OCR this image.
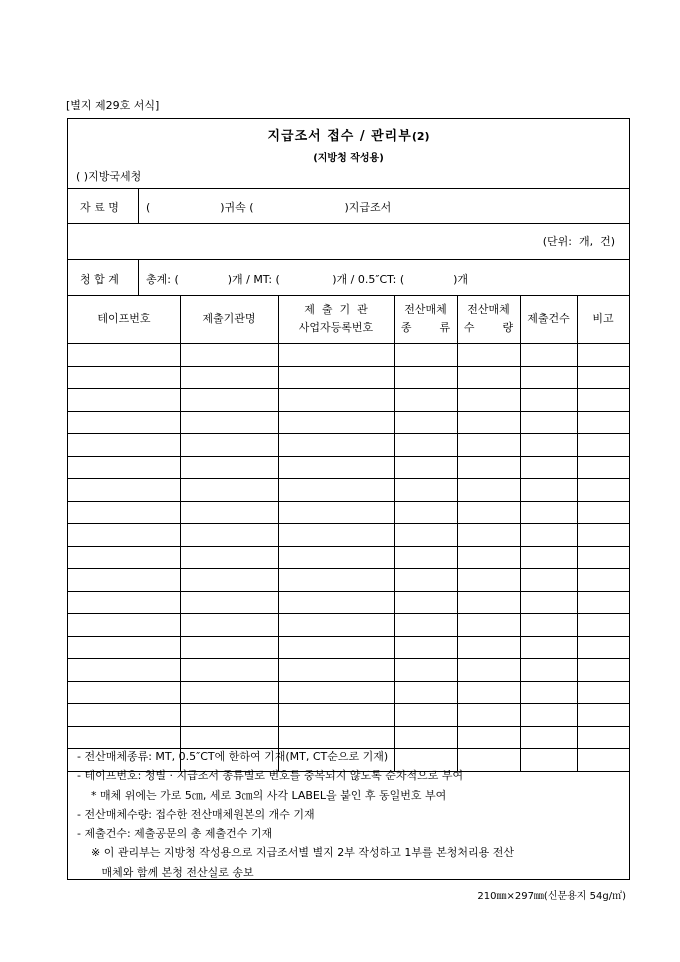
[별지 제29호 서식]
지급조서 접수 / 관리부(2)
(지방청 작성용)
( )지방국세청
자 료 명 (                    )귀속 (                          )지급조서
(단위:  개,  건)
청 합 계 총계: (              )개 / MT: (               )개 / 0.5″CT: (              )개
테이프번호	제출기관명
제  출  기  관
사업자등록번호
전산매체
종        류
전산매체
수        량
제출건수 비고
- 전산매체종류: MT, 0.5″CT에 한하여 기재(MT, CT순으로 기재)
- 테이프번호: 청별 · 지급조서 종류별로 번호를 중복되지 않도록 순차적으로 부여
* 매체 위에는 가로 5㎝, 세로 3㎝의 사각 LABEL을 붙인 후 동일번호 부여
- 전산매체수량: 접수한 전산매체원본의 개수 기재
- 제출건수: 제출공문의 총 제출건수 기재
※ 이 관리부는 지방청 작성용으로 지급조서별 별지 2부 작성하고 1부를 본청처리용 전산
매체와 함께 본청 전산실로 송보
210㎜×297㎜(신문용지 54g/㎡)
